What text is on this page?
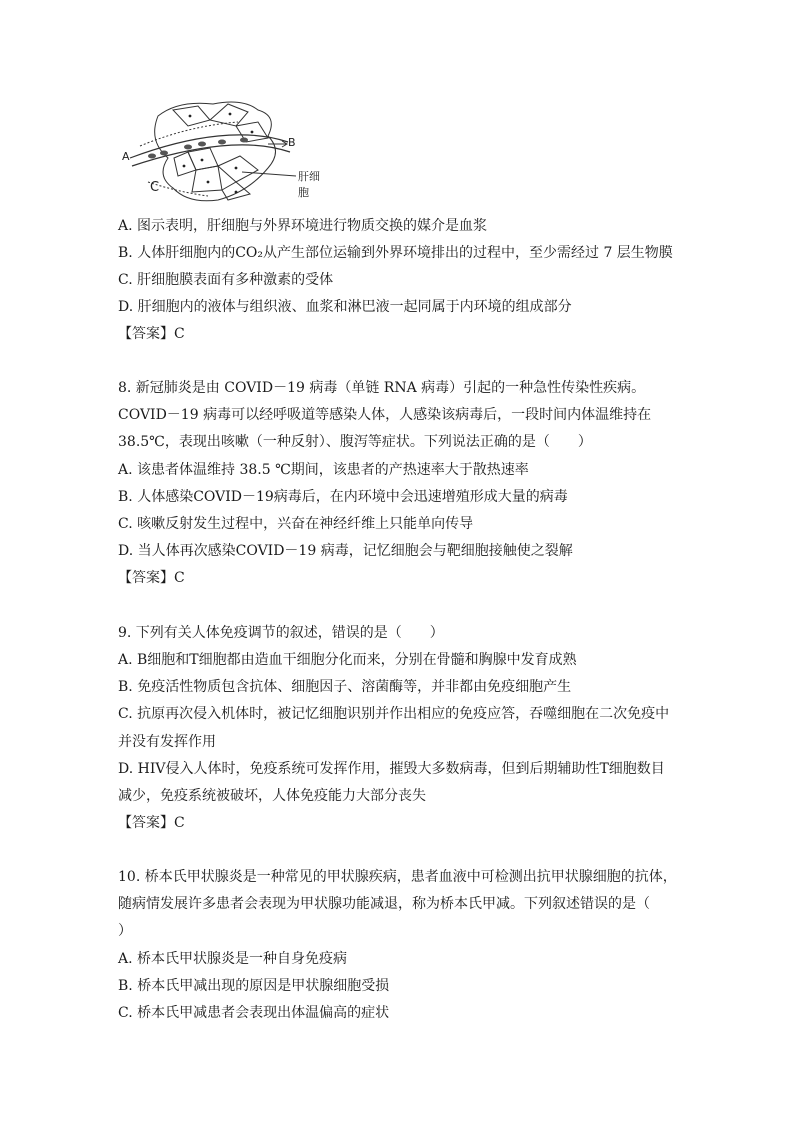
A
B
C
肝细胞
A. 图示表明，肝细胞与外界环境进行物质交换的媒介是血浆
B. 人体肝细胞内的CO₂从产生部位运输到外界环境排出的过程中，至少需经过 7 层生物膜
C. 肝细胞膜表面有多种激素的受体
D. 肝细胞内的液体与组织液、血浆和淋巴液一起同属于内环境的组成部分
【答案】C
8. 新冠肺炎是由 COVID－19 病毒（单链 RNA 病毒）引起的一种急性传染性疾病。
COVID－19 病毒可以经呼吸道等感染人体，人感染该病毒后，一段时间内体温维持在
38.5℃，表现出咳嗽（一种反射）、腹泻等症状。下列说法正确的是（　　）
A. 该患者体温维持 38.5 ℃期间，该患者的产热速率大于散热速率
B. 人体感染COVID－19病毒后，在内环境中会迅速增殖形成大量的病毒
C. 咳嗽反射发生过程中，兴奋在神经纤维上只能单向传导
D. 当人体再次感染COVID－19 病毒，记忆细胞会与靶细胞接触使之裂解
【答案】C
9. 下列有关人体免疫调节的叙述，错误的是（　　）
A. B细胞和T细胞都由造血干细胞分化而来，分别在骨髓和胸腺中发育成熟
B. 免疫活性物质包含抗体、细胞因子、溶菌酶等，并非都由免疫细胞产生
C. 抗原再次侵入机体时，被记忆细胞识别并作出相应的免疫应答，吞噬细胞在二次免疫中
并没有发挥作用
D. HIV侵入人体时，免疫系统可发挥作用，摧毁大多数病毒，但到后期辅助性T细胞数目
减少，免疫系统被破坏，人体免疫能力大部分丧失
【答案】C
10. 桥本氏甲状腺炎是一种常见的甲状腺疾病，患者血液中可检测出抗甲状腺细胞的抗体，
随病情发展许多患者会表现为甲状腺功能减退，称为桥本氏甲减。下列叙述错误的是（
）
A. 桥本氏甲状腺炎是一种自身免疫病
B. 桥本氏甲减出现的原因是甲状腺细胞受损
C. 桥本氏甲减患者会表现出体温偏高的症状
